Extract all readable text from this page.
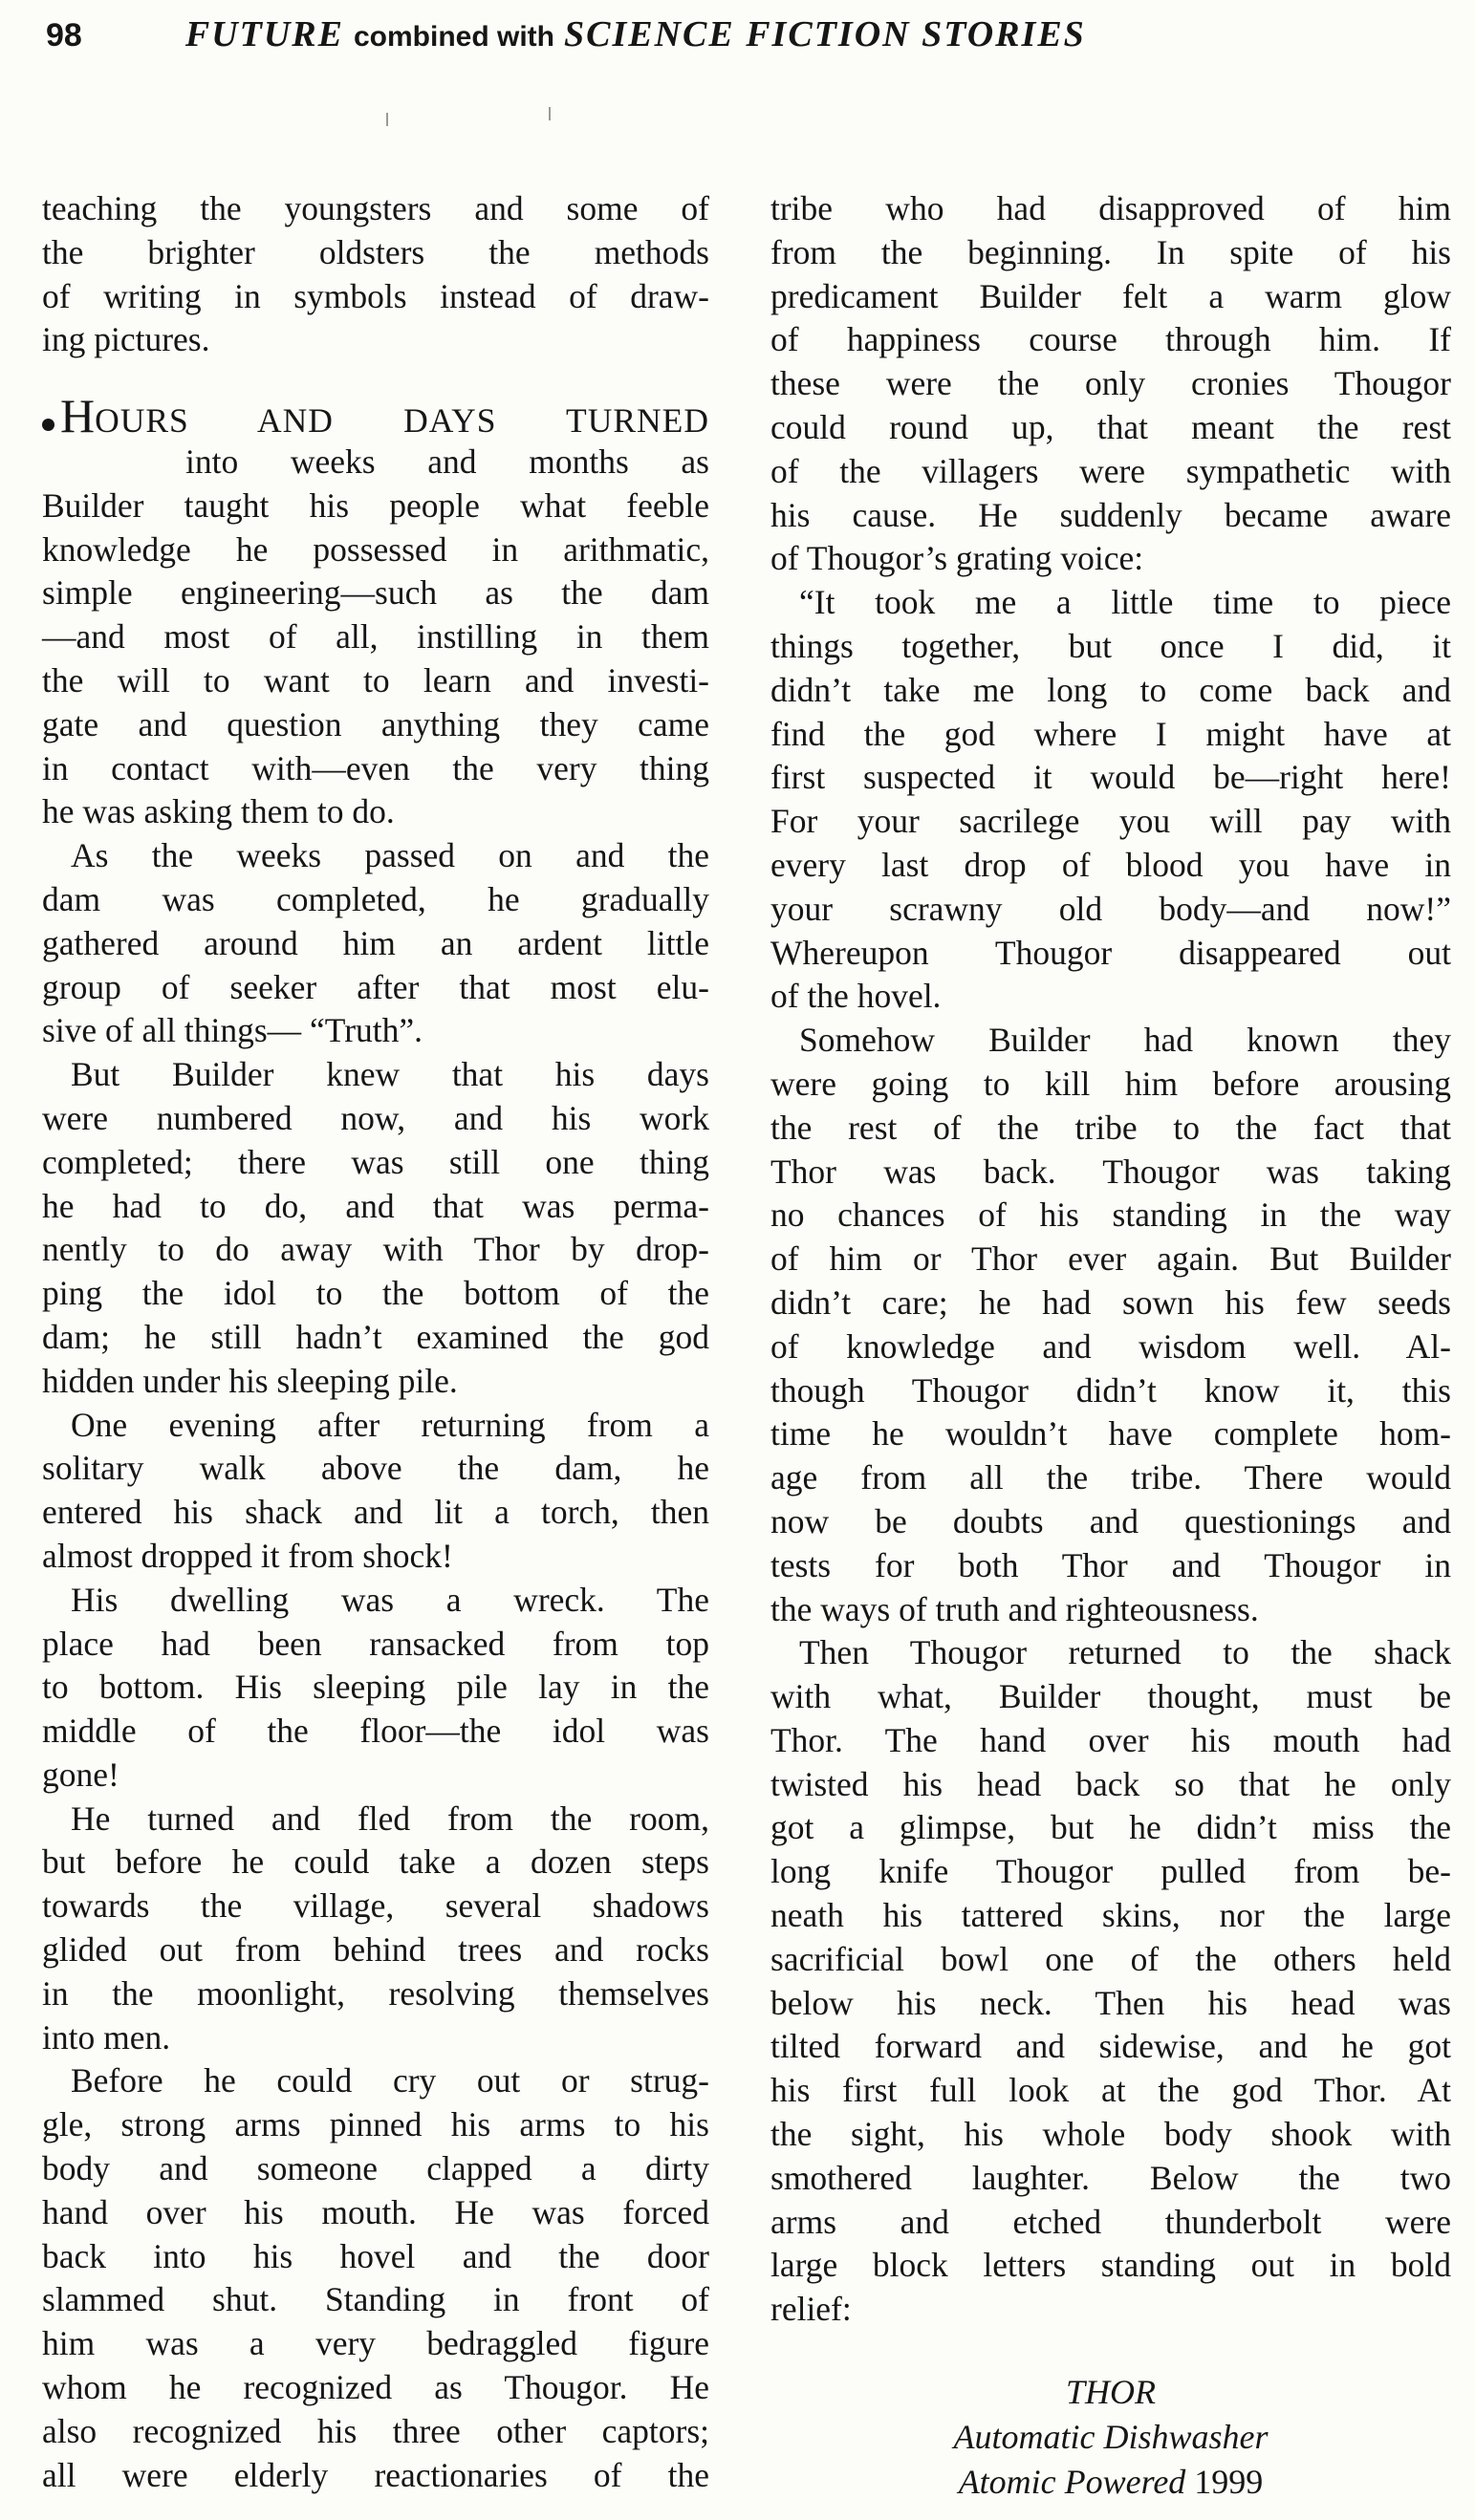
98	FUTURE combined with SCIENCE FICTION STORIES
teaching the youngsters and some of
the brighter oldsters the methods
of writing in symbols instead of draw-
ing pictures.
HOURS AND DAYS TURNED
into weeks and months as
Builder taught his people what feeble
knowledge he possessed in arithmatic,
simple engineering—such as the dam
—and most of all, instilling in them
the will to want to learn and investi-
gate and question anything they came
in contact with—even the very thing
he was asking them to do.
As the weeks passed on and the
dam was completed, he gradually
gathered around him an ardent little
group of seeker after that most elu-
sive of all things— “Truth”.
But Builder knew that his days
were numbered now, and his work
completed; there was still one thing
he had to do, and that was perma-
nently to do away with Thor by drop-
ping the idol to the bottom of the
dam; he still hadn’t examined the god
hidden under his sleeping pile.
One evening after returning from a
solitary walk above the dam, he
entered his shack and lit a torch, then
almost dropped it from shock!
His dwelling was a wreck. The
place had been ransacked from top
to bottom. His sleeping pile lay in the
middle of the floor—the idol was
gone!
He turned and fled from the room,
but before he could take a dozen steps
towards the village, several shadows
glided out from behind trees and rocks
in the moonlight, resolving themselves
into men.
Before he could cry out or strug-
gle, strong arms pinned his arms to his
body and someone clapped a dirty
hand over his mouth. He was forced
back into his hovel and the door
slammed shut. Standing in front of
him was a very bedraggled figure
whom he recognized as Thougor. He
also recognized his three other captors;
all were elderly reactionaries of the
tribe who had disapproved of him
from the beginning. In spite of his
predicament Builder felt a warm glow
of happiness course through him. If
these were the only cronies Thougor
could round up, that meant the rest
of the villagers were sympathetic with
his cause. He suddenly became aware
of Thougor’s grating voice:
“It took me a little time to piece
things together, but once I did, it
didn’t take me long to come back and
find the god where I might have at
first suspected it would be—right here!
For your sacrilege you will pay with
every last drop of blood you have in
your scrawny old body—and now!”
Whereupon Thougor disappeared out
of the hovel.
Somehow Builder had known they
were going to kill him before arousing
the rest of the tribe to the fact that
Thor was back. Thougor was taking
no chances of his standing in the way
of him or Thor ever again. But Builder
didn’t care; he had sown his few seeds
of knowledge and wisdom well. Al-
though Thougor didn’t know it, this
time he wouldn’t have complete hom-
age from all the tribe. There would
now be doubts and questionings and
tests for both Thor and Thougor in
the ways of truth and righteousness.
Then Thougor returned to the shack
with what, Builder thought, must be
Thor. The hand over his mouth had
twisted his head back so that he only
got a glimpse, but he didn’t miss the
long knife Thougor pulled from be-
neath his tattered skins, nor the large
sacrificial bowl one of the others held
below his neck. Then his head was
tilted forward and sidewise, and he got
his first full look at the god Thor. At
the sight, his whole body shook with
smothered laughter. Below the two
arms and etched thunderbolt were
large block letters standing out in bold
relief:
THOR
Automatic Dishwasher
Atomic Powered 1999
